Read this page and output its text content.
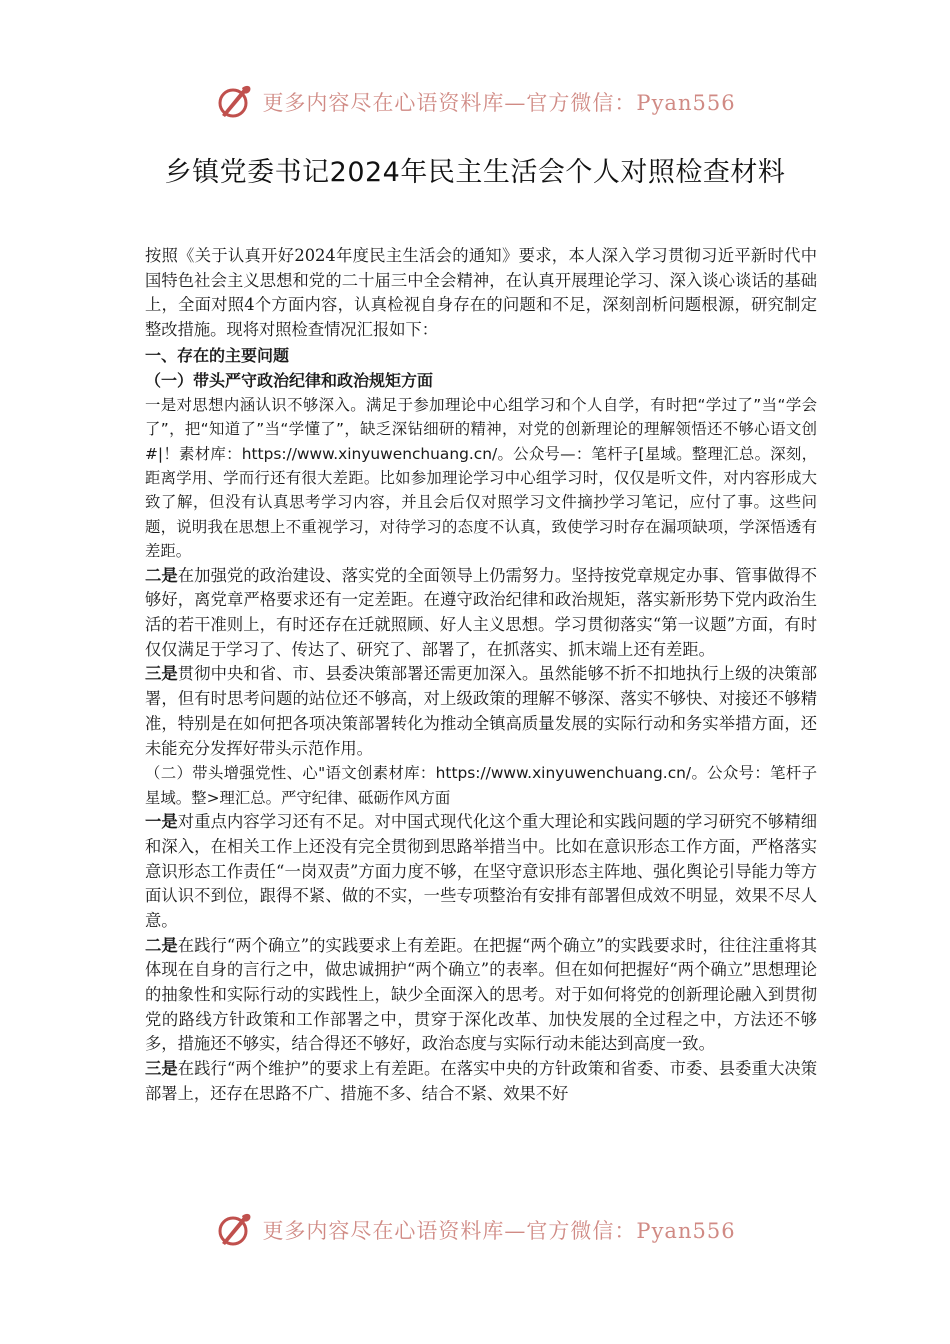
更多内容尽在心语资料库—官方微信：Pyan556
乡镇党委书记2024年民主生活会个人对照检查材料

按照《关于认真开好2024年度民主生活会的通知》要求，本人深入学习贯彻习近平新时代中国特色社会主义思想和党的二十届三中全会精神，在认真开展理论学习、深入谈心谈话的基础上，全面对照4个方面内容，认真检视自身存在的问题和不足，深刻剖析问题根源，研究制定整改措施。现将对照检查情况汇报如下：

一、存在的主要问题

（一）带头严守政治纪律和政治规矩方面

一是对思想内涵认识不够深入。满足于参加理论中心组学习和个人自学，有时把“学过了”当“学会了”，把“知道了”当“学懂了”，缺乏深钻细研的精神，对党的创新理论的理解领悟还不够心语文创#|！素材库：https://www.xinyuwenchuang.cn/。公众号—：笔杆子[星域。整理汇总。深刻，距离学用、学而行还有很大差距。比如参加理论学习中心组学习时，仅仅是听文件，对内容形成大致了解，但没有认真思考学习内容，并且会后仅对照学习文件摘抄学习笔记，应付了事。这些问题，说明我在思想上不重视学习，对待学习的态度不认真，致使学习时存在漏项缺项，学深悟透有差距。

二是在加强党的政治建设、落实党的全面领导上仍需努力。坚持按党章规定办事、管事做得不够好，离党章严格要求还有一定差距。在遵守政治纪律和政治规矩，落实新形势下党内政治生活的若干准则上，有时还存在迁就照顾、好人主义思想。学习贯彻落实“第一议题”方面，有时仅仅满足于学习了、传达了、研究了、部署了，在抓落实、抓末端上还有差距。

三是贯彻中央和省、市、县委决策部署还需更加深入。虽然能够不折不扣地执行上级的决策部署，但有时思考问题的站位还不够高，对上级政策的理解不够深、落实不够快、对接还不够精准，特别是在如何把各项决策部署转化为推动全镇高质量发展的实际行动和务实举措方面，还未能充分发挥好带头示范作用。

（二）带头增强党性、心"语文创素材库：https://www.xinyuwenchuang.cn/。公众号：笔杆子星域。整>理汇总。严守纪律、砥砺作风方面

一是对重点内容学习还有不足。对中国式现代化这个重大理论和实践问题的学习研究不够精细和深入，在相关工作上还没有完全贯彻到思路举措当中。比如在意识形态工作方面，严格落实意识形态工作责任“一岗双责”方面力度不够，在坚守意识形态主阵地、强化舆论引导能力等方面认识不到位，跟得不紧、做的不实，一些专项整治有安排有部署但成效不明显，效果不尽人意。

二是在践行“两个确立”的实践要求上有差距。在把握“两个确立”的实践要求时，往往注重将其体现在自身的言行之中，做忠诚拥护“两个确立”的表率。但在如何把握好“两个确立”思想理论的抽象性和实际行动的实践性上，缺少全面深入的思考。对于如何将党的创新理论融入到贯彻党的路线方针政策和工作部署之中，贯穿于深化改革、加快发展的全过程之中，方法还不够多，措施还不够实，结合得还不够好，政治态度与实际行动未能达到高度一致。

三是在践行“两个维护”的要求上有差距。在落实中央的方针政策和省委、市委、县委重大决策部署上，还存在思路不广、措施不多、结合不紧、效果不好

更多内容尽在心语资料库—官方微信：Pyan556
